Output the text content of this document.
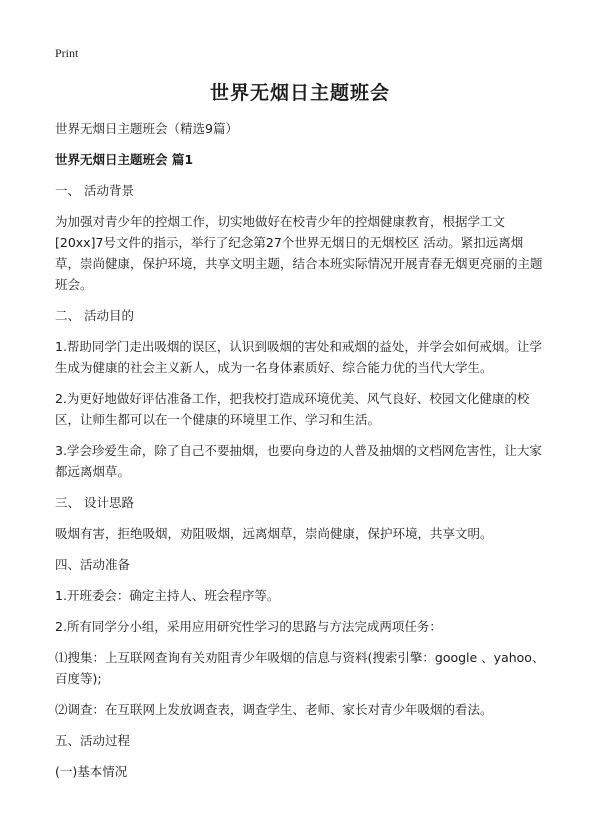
Print
世界无烟日主题班会

世界无烟日主题班会（精选9篇）

世界无烟日主题班会 篇1

一、 活动背景

为加强对青少年的控烟工作，切实地做好在校青少年的控烟健康教育，根据学工文[20xx]7号文件的指示，举行了纪念第27个世界无烟日的无烟校区 活动。紧扣远离烟草，崇尚健康，保护环境，共享文明主题，结合本班实际情况开展青春无烟更亮丽的主题班会。

二、 活动目的

1.帮助同学门走出吸烟的误区，认识到吸烟的害处和戒烟的益处，并学会如何戒烟。让学生成为健康的社会主义新人，成为一名身体素质好、综合能力优的当代大学生。

2.为更好地做好评估准备工作，把我校打造成环境优美、风气良好、校园文化健康的校区，让师生都可以在一个健康的环境里工作、学习和生活。

3.学会珍爱生命，除了自己不要抽烟，也要向身边的人普及抽烟的文档网危害性，让大家都远离烟草。

三、 设计思路

吸烟有害，拒绝吸烟，劝阻吸烟，远离烟草，崇尚健康，保护环境，共享文明。

四、活动准备

1.开班委会：确定主持人、班会程序等。

2.所有同学分小组，采用应用研究性学习的思路与方法完成两项任务：

⑴搜集：上互联网查询有关劝阻青少年吸烟的信息与资料(搜索引擎：google 、yahoo、百度等);

⑵调查：在互联网上发放调查表，调查学生、老师、家长对青少年吸烟的看法。

五、活动过程

(一)基本情况
